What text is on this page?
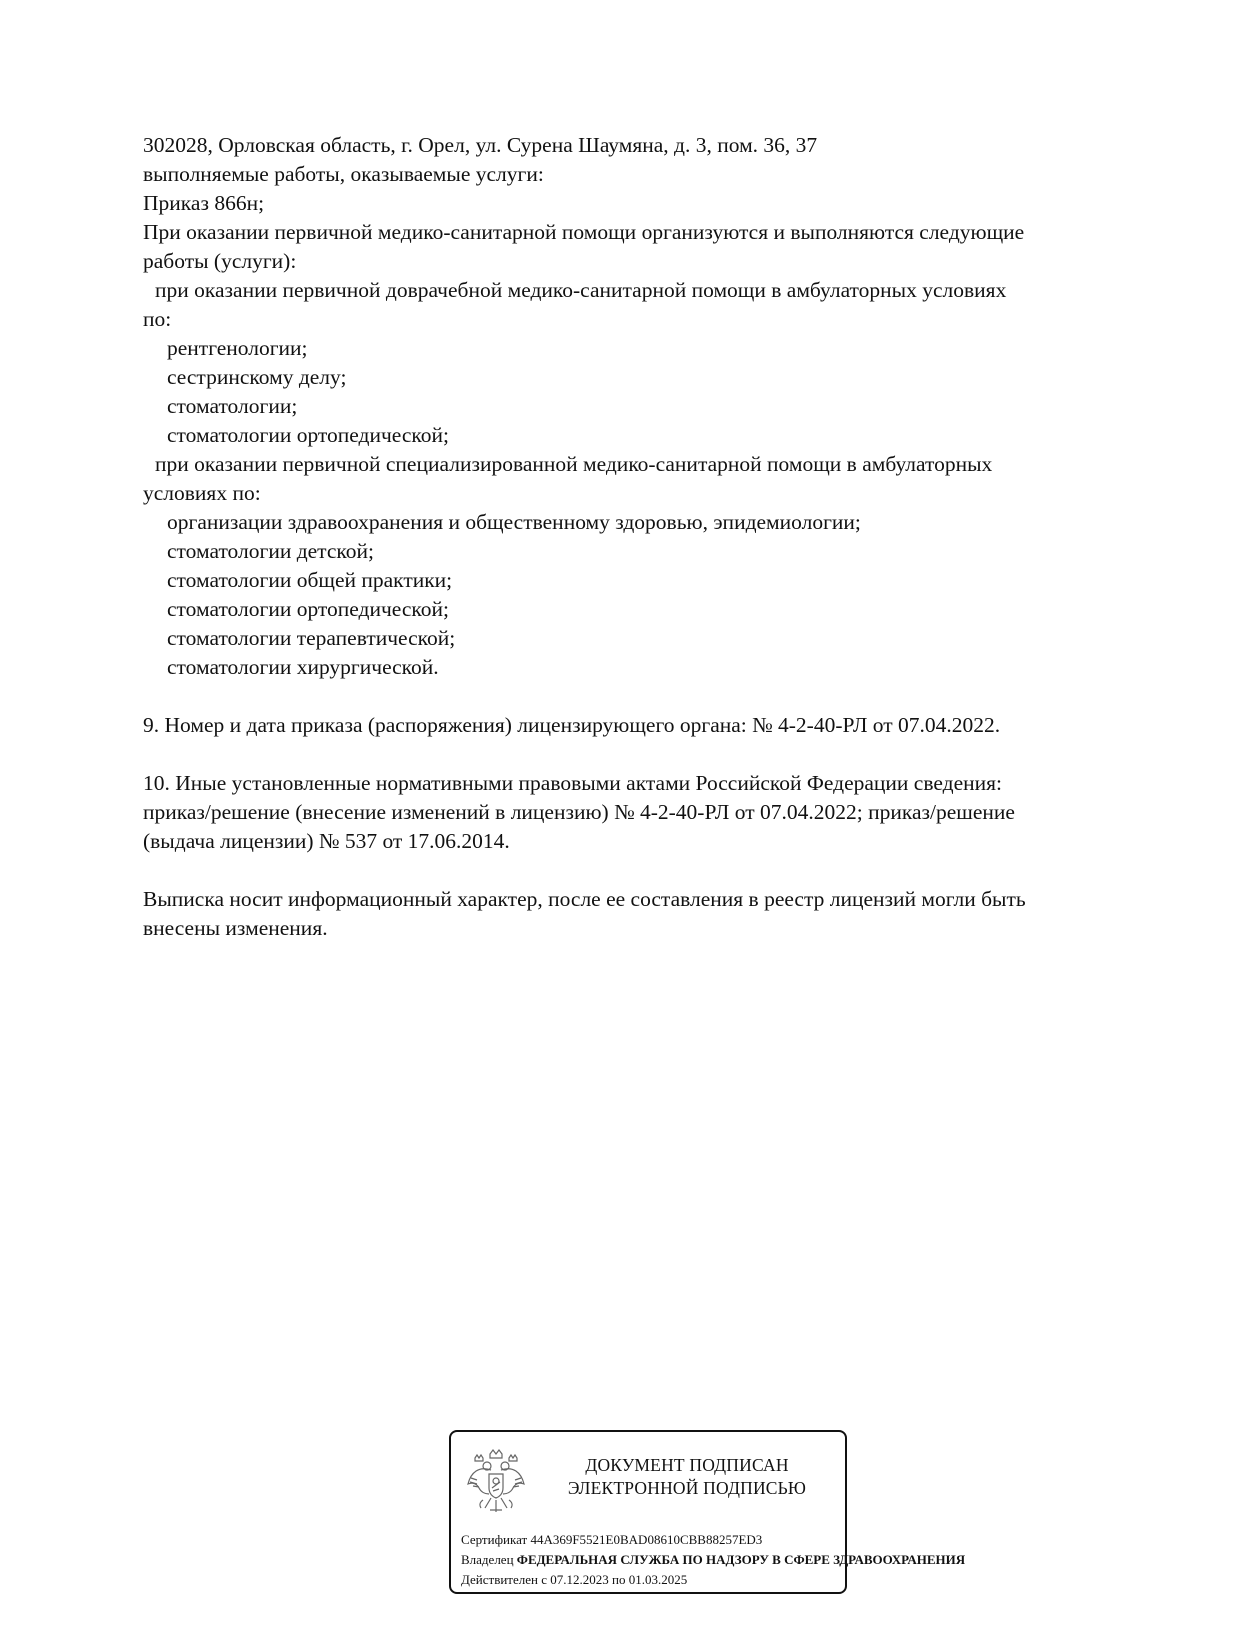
302028, Орловская область, г. Орел, ул. Сурена Шаумяна, д. 3, пом. 36, 37
выполняемые работы, оказываемые услуги:
Приказ 866н;
При оказании первичной медико-санитарной помощи организуются и выполняются следующие
работы (услуги):
при оказании первичной доврачебной медико-санитарной помощи в амбулаторных условиях
по:
рентгенологии;
сестринскому делу;
стоматологии;
стоматологии ортопедической;
при оказании первичной специализированной медико-санитарной помощи в амбулаторных
условиях по:
организации здравоохранения и общественному здоровью, эпидемиологии;
стоматологии детской;
стоматологии общей практики;
стоматологии ортопедической;
стоматологии терапевтической;
стоматологии хирургической.
9. Номер и дата приказа (распоряжения) лицензирующего органа: № 4-2-40-РЛ от 07.04.2022.
10. Иные установленные нормативными правовыми актами Российской Федерации сведения:
приказ/решение (внесение изменений в лицензию) № 4-2-40-РЛ от 07.04.2022; приказ/решение
(выдача лицензии) № 537 от 17.06.2014.
Выписка носит информационный характер, после ее составления в реестр лицензий могли быть
внесены изменения.
ДОКУМЕНТ ПОДПИСАН
ЭЛЕКТРОННОЙ ПОДПИСЬЮ
Сертификат 44A369F5521E0BAD08610CBB88257ED3
Владелец ФЕДЕРАЛЬНАЯ СЛУЖБА ПО НАДЗОРУ В СФЕРЕ ЗДРАВООХРАНЕНИЯ
Действителен с 07.12.2023 по 01.03.2025
